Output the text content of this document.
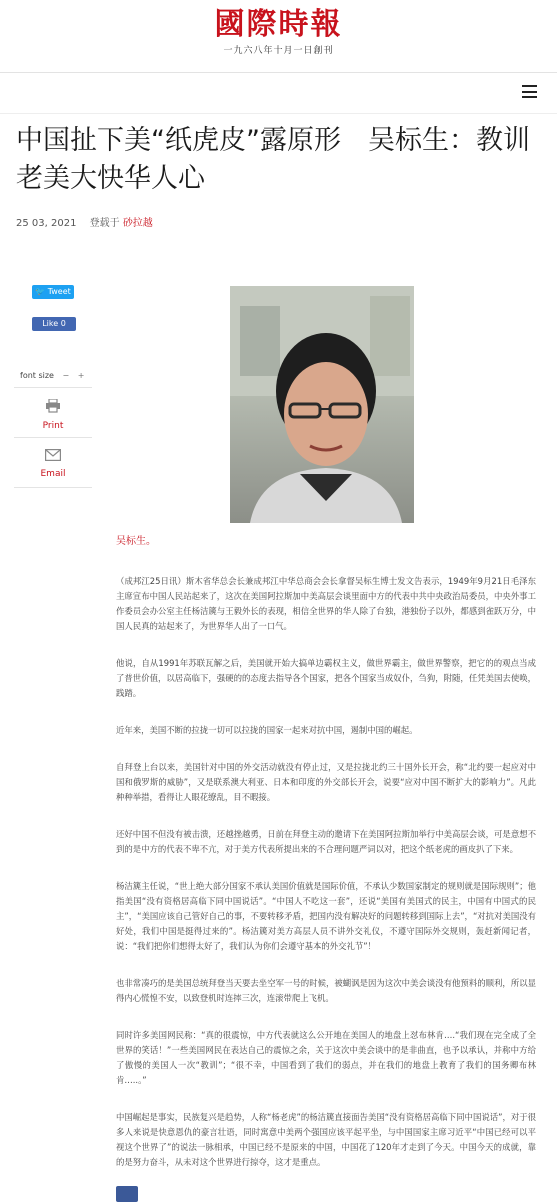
國際時報
一九六八年十月一日創刊
中国扯下美“纸虎皮”露原形　吴标生：教训老美大快华人心
25 03, 2021 登载于 砂拉越
🐦 Tweet
Like 0
font size − +
Print
Email
吴标生。

（成邦江25日讯）斯木省华总会长兼成邦江中华总商会会长拿督吴标生博士发文告表示，1949年9月21日毛泽东主席宣布中国人民站起来了，这次在美国阿拉斯加中美高层会谈里面中方的代表中共中央政治局委员，中央外事工作委员会办公室主任杨洁篪与王毅外长的表现，相信全世界的华人除了台独，港独份子以外，都感到雀跃万分，中国人民真的站起来了，为世界华人出了一口气。

他说，自从1991年苏联瓦解之后，美国就开始大搞单边霸权主义，做世界霸主，做世界警察，把它的的观点当成了普世价值，以居高临下，强硬的的态度去指导各个国家，把各个国家当成奴仆，刍狗，附随，任凭美国去使唤，践踏。

近年来，美国不断的拉拢一切可以拉拢的国家一起来对抗中国，遏制中国的崛起。

自拜登上台以来，美国针对中国的外交活动就没有停止过，又是拉拢北约三十国外长开会，称“北约要一起应对中国和俄罗斯的威胁”，又是联系澳大利亚、日本和印度的外交部长开会，说要“应对中国不断扩大的影响力”。凡此种种举措，看得让人眼花缭乱，目不暇接。

还好中国不但没有被击溃，还越挫越勇，日前在拜登主动的邀请下在美国阿拉斯加举行中美高层会谈，可是意想不到的是中方的代表不卑不亢，对于美方代表所提出来的不合理问题严词以对，把这个纸老虎的画皮扒了下来。

杨洁篪主任说，“世上绝大部分国家不承认美国价值就是国际价值，不承认少数国家制定的规则就是国际规则”；他指美国“没有资格居高临下同中国说话”。“中国人不吃这一套”，还说“美国有美国式的民主，中国有中国式的民主”，“美国应该自己管好自己的事，不要转移矛盾，把国内没有解决好的问题转移到国际上去”，“对抗对美国没有好处，我们中国是挺得过来的”。杨洁篪对美方高层人员不讲外交礼仪，不遵守国际外交规则，轰赶新闻记者，说：“我们把你们想得太好了，我们认为你们会遵守基本的外交礼节”！

也非常凑巧的是美国总统拜登当天要去坐空军一号的时候，被蝴讽是因为这次中美会谈没有他预料的顺利，所以显得内心慌惶不安，以致登机时连摔三次，连滚带爬上飞机。

同时许多美国网民称：“真的很震惊，中方代表就这么公开地在美国人的地盘上怼布林肯….“我们现在完全成了全世界的笑话！”一些美国网民在表达自己的震惊之余，关于这次中美会谈中的是非曲直，也予以承认，并称中方给了傲慢的美国人一次“教训”；“很不幸，中国看到了我们的弱点，并在我们的地盘上教育了我们的国务卿布林肯…..。”

中国崛起是事实，民族复兴是趋势，人称“杨老虎”的杨洁篪直接面告美国“没有资格居高临下同中国说话”，对于很多人来说是快意恩仇的豪言壮语，同时寓意中美两个强国应该平起平坐，与中国国家主席习近平“中国已经可以平视这个世界了”的说法一脉相承，中国已经不是原来的中国，中国花了120年才走到了今天。中国今天的成就，靠的是努力奋斗，从未对这个世界进行掠夺，这才是重点。
